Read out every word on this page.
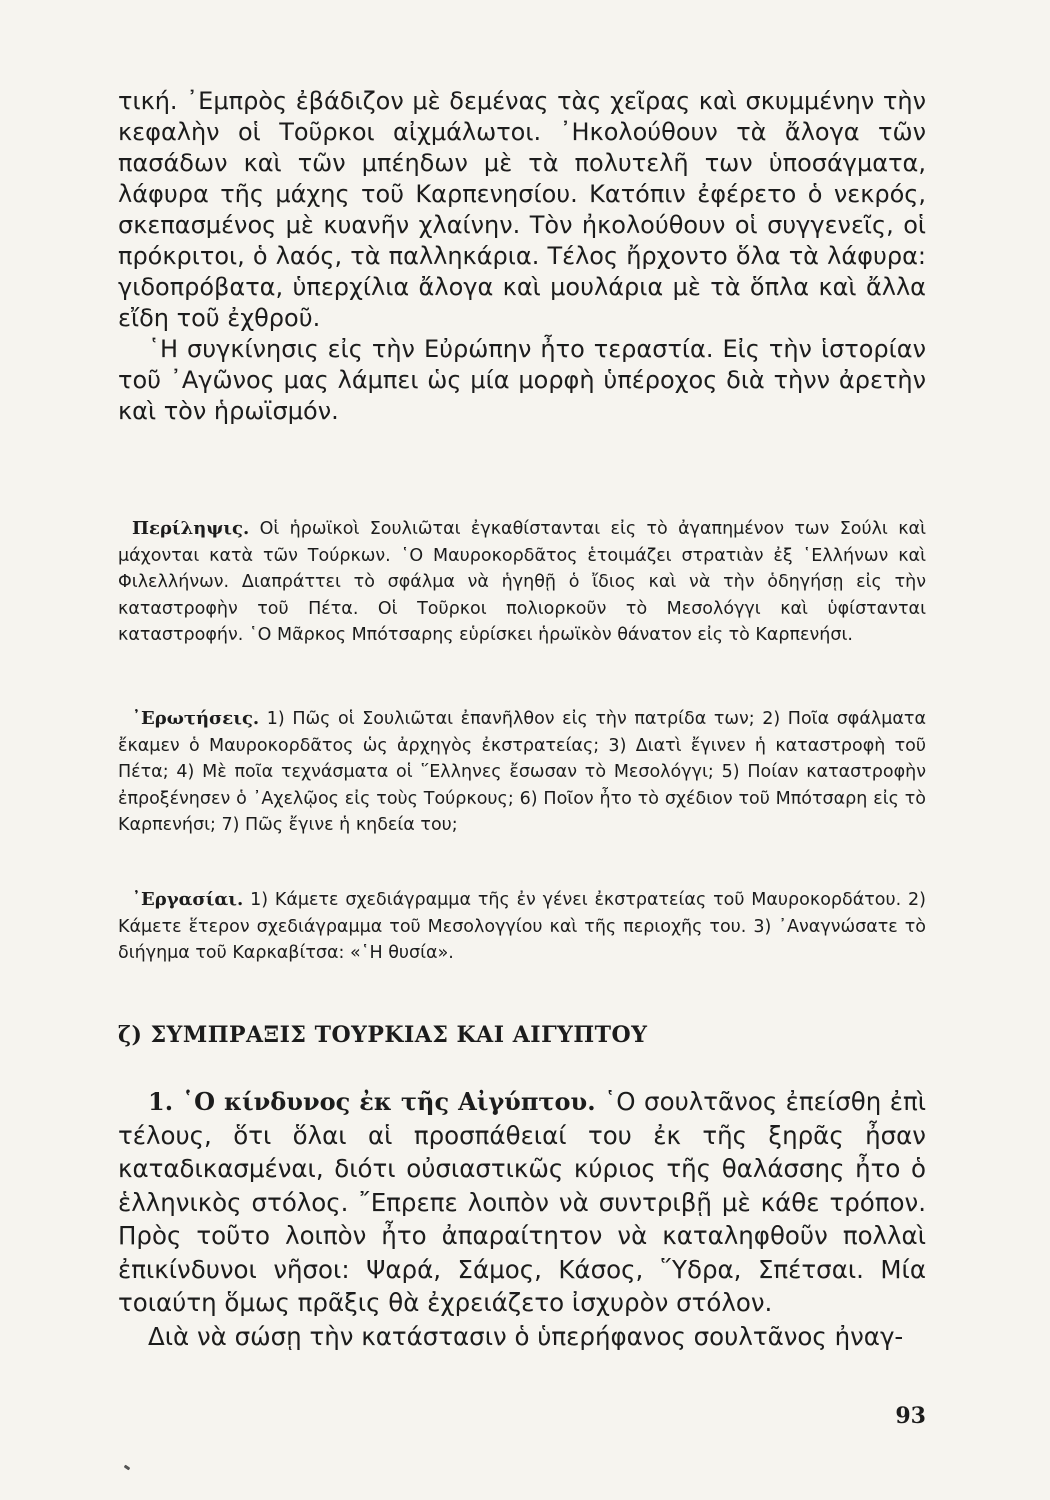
τική. ᾿Εμπρὸς ἐβάδιζον μὲ δεμένας τὰς χεῖρας καὶ σκυμμένην τὴν κεφαλὴν οἱ Τοῦρκοι αἰχμάλωτοι. ᾿Ηκολούθουν τὰ ἄλογα τῶν πασάδων καὶ τῶν μπέηδων μὲ τὰ πολυτελῆ των ὑποσάγματα, λάφυρα τῆς μάχης τοῦ Καρπενησίου. Κατόπιν ἐφέρετο ὁ νεκρός, σκεπασμένος μὲ κυανῆν χλαίνην. Τὸν ἠκολούθουν οἱ συγγενεῖς, οἱ πρόκριτοι, ὁ λαός, τὰ παλληκάρια. Τέλος ἤρχοντο ὅλα τὰ λάφυρα: γιδοπρόβατα, ὑπερχίλια ἄλογα καὶ μουλάρια μὲ τὰ ὅπλα καὶ ἄλλα εἴδη τοῦ ἐχθροῦ.

῾Η συγκίνησις εἰς τὴν Εὐρώπην ἦτο τεραστία. Εἰς τὴν ἱστορίαν τοῦ ᾿Αγῶνος μας λάμπει ὡς μία μορφὴ ὑπέροχος διὰ τὴνν ἀρετὴν καὶ τὸν ἡρωϊσμόν.

Περίληψις. Οἱ ἡρωϊκοὶ Σουλιῶται ἐγκαθίστανται εἰς τὸ ἀγαπημένον των Σούλι καὶ μάχονται κατὰ τῶν Τούρκων. ῾Ο Μαυροκορδᾶτος ἑτοιμάζει στρατιὰν ἐξ ῾Ελλήνων καὶ Φιλελλήνων. Διαπράττει τὸ σφάλμα νὰ ἡγηθῇ ὁ ἴδιος καὶ νὰ τὴν ὁδηγήσῃ εἰς τὴν καταστροφὴν τοῦ Πέτα. Οἱ Τοῦρκοι πολιορκοῦν τὸ Μεσολόγγι καὶ ὑφίστανται καταστροφήν. ῾Ο Μᾶρκος Μπότσαρης εὑρίσκει ἡρωϊκὸν θάνατον εἰς τὸ Καρπενήσι.

᾿Ερωτήσεις. 1) Πῶς οἱ Σουλιῶται ἐπανῆλθον εἰς τὴν πατρίδα των; 2) Ποῖα σφάλματα ἔκαμεν ὁ Μαυροκορδᾶτος ὡς ἀρχηγὸς ἐκστρατείας; 3) Διατὶ ἔγινεν ἡ καταστροφὴ τοῦ Πέτα; 4) Μὲ ποῖα τεχνάσματα οἱ ῞Ελληνες ἔσωσαν τὸ Μεσολόγγι; 5) Ποίαν καταστροφὴν ἐπροξένησεν ὁ ᾿Αχελῷος εἰς τοὺς Τούρκους; 6) Ποῖον ἦτο τὸ σχέδιον τοῦ Μπότσαρη εἰς τὸ Καρπενήσι; 7) Πῶς ἔγινε ἡ κηδεία του;

᾿Εργασίαι. 1) Κάμετε σχεδιάγραμμα τῆς ἐν γένει ἐκστρατείας τοῦ Μαυροκορδάτου. 2) Κάμετε ἕτερον σχεδιάγραμμα τοῦ Μεσολογγίου καὶ τῆς περιοχῆς του. 3) ᾿Αναγνώσατε τὸ διήγημα τοῦ Καρκαβίτσα: «῾Η θυσία».

ζ) ΣΥΜΠΡΑΞΙΣ ΤΟΥΡΚΙΑΣ ΚΑΙ ΑΙΓΥΠΤΟΥ

1. ῾Ο κίνδυνος ἐκ τῆς Αἰγύπτου. ῾Ο σουλτᾶνος ἐπείσθη ἐπὶ τέλους, ὅτι ὅλαι αἱ προσπάθειαί του ἐκ τῆς ξηρᾶς ἦσαν καταδικασμέναι, διότι οὐσιαστικῶς κύριος τῆς θαλάσσης ἦτο ὁ ἑλληνικὸς στόλος. ῎Επρεπε λοιπὸν νὰ συντριβῇ μὲ κάθε τρόπον. Πρὸς τοῦτο λοιπὸν ἦτο ἀπαραίτητον νὰ καταληφθοῦν πολλαὶ ἐπικίνδυνοι νῆσοι: Ψαρά, Σάμος, Κάσος, ῞Υδρα, Σπέτσαι. Μία τοιαύτη ὅμως πρᾶξις θὰ ἐχρειάζετο ἰσχυρὸν στόλον.

Διὰ νὰ σώσῃ τὴν κατάστασιν ὁ ὑπερήφανος σουλτᾶνος ἠναγ-

93
